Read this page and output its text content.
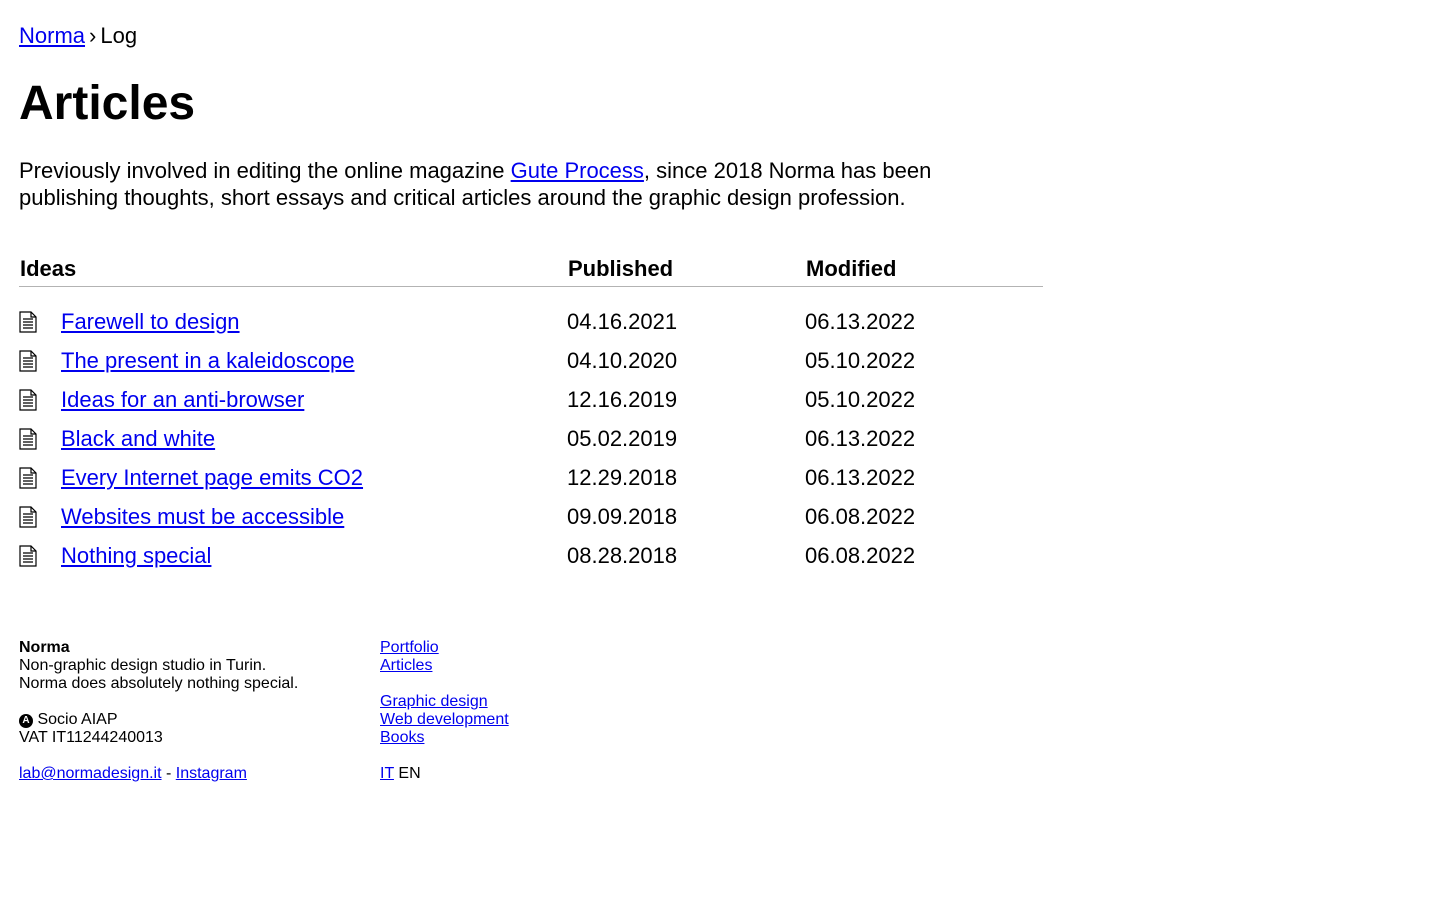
Norma › Log
Articles

Previously involved in editing the online magazine Gute Process, since 2018 Norma has been publishing thoughts, short essays and critical articles around the graphic design profession.

Ideas	Published	Modified
Farewell to design	04.16.2021	06.13.2022
The present in a kaleidoscope	04.10.2020	05.10.2022
Ideas for an anti-browser	12.16.2019	05.10.2022
Black and white	05.02.2019	06.13.2022
Every Internet page emits CO2	12.29.2018	06.13.2022
Websites must be accessible	09.09.2018	06.08.2022
Nothing special	08.28.2018	06.08.2022
Norma
Non-graphic design studio in Turin.
Norma does absolutely nothing special.
A Socio AIAP
VAT IT11244240013
lab@normadesign.it - Instagram
Portfolio
Articles
Graphic design
Web development
Books
IT EN
